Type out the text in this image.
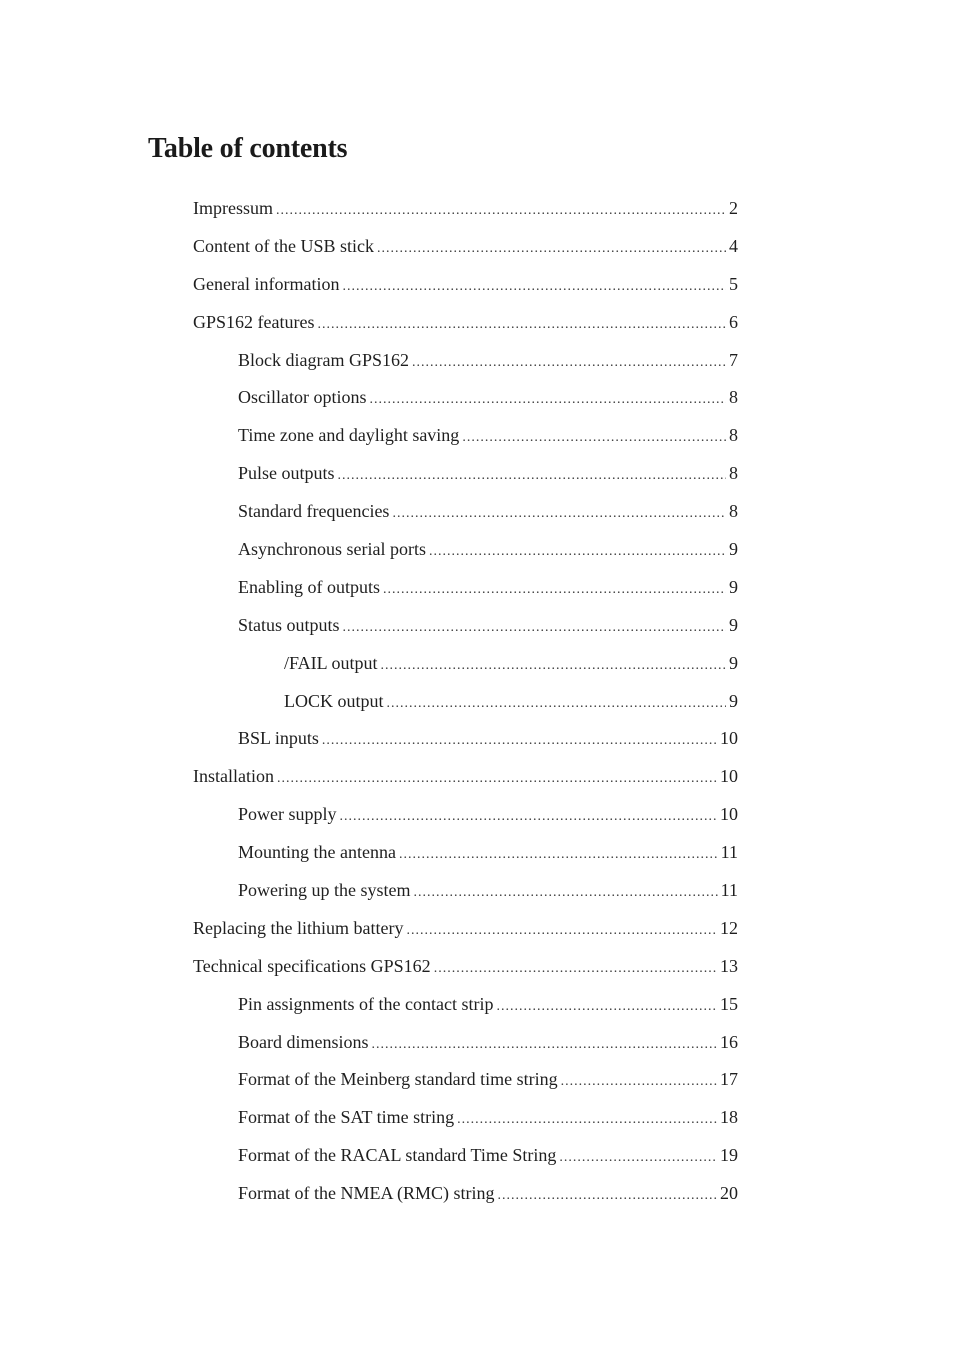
Table of contents
Impressum .....	2
Content of the USB stick .....	4
General information .....	5
GPS162 features .....	6
Block diagram GPS162 .....	7
Oscillator options .....	8
Time zone and daylight saving .....	8
Pulse outputs .....	8
Standard frequencies .....	8
Asynchronous serial ports .....	9
Enabling of outputs .....	9
Status outputs .....	9
/FAIL output .....	9
LOCK output .....	9
BSL inputs .....	10
Installation .....	10
Power supply .....	10
Mounting the antenna .....	11
Powering up the system .....	11
Replacing the lithium battery .....	12
Technical specifications GPS162 .....	13
Pin assignments of the contact strip .....	15
Board dimensions .....	16
Format of the Meinberg standard time string .....	17
Format of the SAT time string .....	18
Format of the RACAL standard Time String .....	19
Format of the NMEA (RMC) string .....	20
